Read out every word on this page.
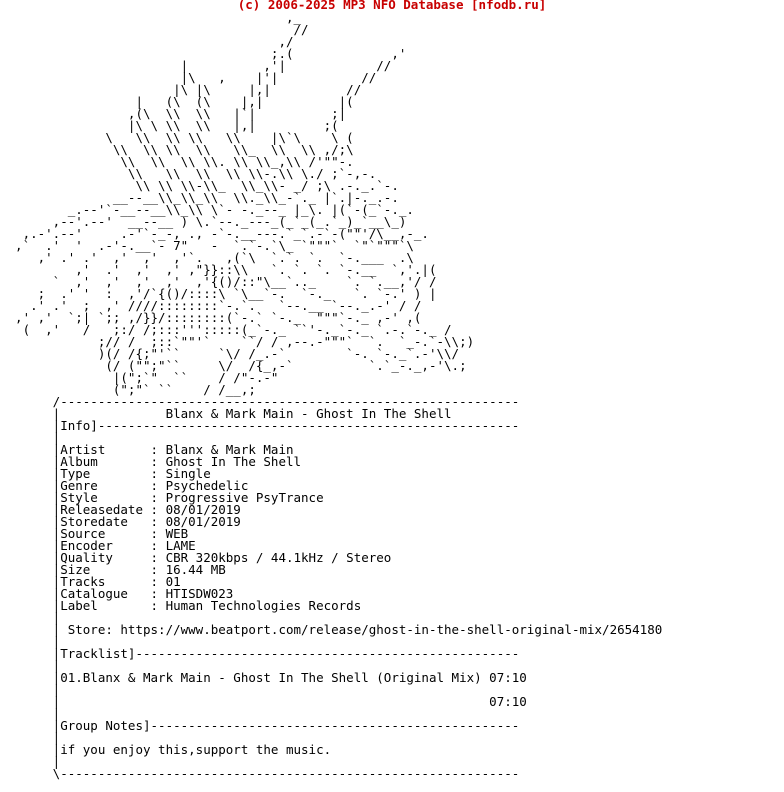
(c) 2006-2025 MP3 NFO Database [nfodb.ru]
,_
//
,/
;.(             ,'
|          ,'|            //
|\   ,    |'|           //
|\ |\     |,|          //
|   (\  (\    |,|          |(
,(\  \\  \\   |`|          ;|
|\ \ \\  \\   |,|         ;(
\   \\  \\ \\   \\    |\`\    \ (
\\  \\ \\  \\   \\_  \\  \\ ,/;\
\\  \\  \\ \\. \\ \\_,\\ /'""-.
\\   \\  \\  \\ \\-.\\ \./ ;`-,-.
\\ \\ \\-\\_  \\_\\- _/ ;\ .-._.`-.
__--__\\_\\_\\  \\._\\_-`._ |`.|-._.-.
_.--'`-__--__\\_\\ \`- -._--_ |_\. |(`-(_`-._.
,--'.--'  __--__ ) \.`--._---_(_`_(_.`_)_`__\_)
,.-'.--'     .-'`-_-, ., -`-.__---.`_`.-`-(""'/\__,-_.
,`  .'  '  .-'-.__`- 7"   -  `.`-.`\_ `"""`  `"`"""`\
,' .' .'  ,'  ,'  ,'`.   ,(`\  `.`. `.  `-.___  .\
,'  .'  ,'  ,' ,"}}::\\   `. `. `. `-.__  `,'.|(
`  ,'  ,'  ,'  ,'  ,'{()/::"\__`.._    `. `.__,'/ /
;  .' '  :  ,'/`{()/::::\ `\__`-.  `-._   `. `-.' ) |
.' .'  ;  ,' ////::::::::`-.`.   `--.__ `--._.-' / /
,' ,'  `;| `;; ,/}}/::::::::(`-.` `-._  """`-._ ,-' ,(
(  ,'   /   ;:/ /;:::''':::::(_`-._ ``'-._`-._ `.-.`-._ /
;// /  ;::`""'`    ``/ / ,--.-"""`  `.  `_-.`-\\;)
)(/ /{;"'``     `\/ /_.-`        `-. `-._`.-'\\/
(/ ("";"``     \/  /{_,-`          `.`_-._,-'\.;
|(";`"  ``    / /"-.-"
(";"` ``    / /__,;
/-------------------------------------------------------------
|              Blanx & Mark Main - Ghost In The Shell
|Info]--------------------------------------------------------
|
|Artist      : Blanx & Mark Main
|Album       : Ghost In The Shell
|Type        : Single
|Genre       : Psychedelic
|Style       : Progressive PsyTrance
|Releasedate : 08/01/2019
|Storedate   : 08/01/2019
|Source      : WEB
|Encoder     : LAME
|Quality     : CBR 320kbps / 44.1kHz / Stereo
|Size        : 16.44 MB
|Tracks      : 01
|Catalogue   : HTISDW023
|Label       : Human Technologies Records
|
| Store: https://www.beatport.com/release/ghost-in-the-shell-original-mix/2654180
|
|Tracklist]---------------------------------------------------
|
|01.Blanx & Mark Main - Ghost In The Shell (Original Mix) 07:10
|
|                                                         07:10
|
|Group Notes]-------------------------------------------------
|
|if you enjoy this,support the music.
|
\-------------------------------------------------------------
